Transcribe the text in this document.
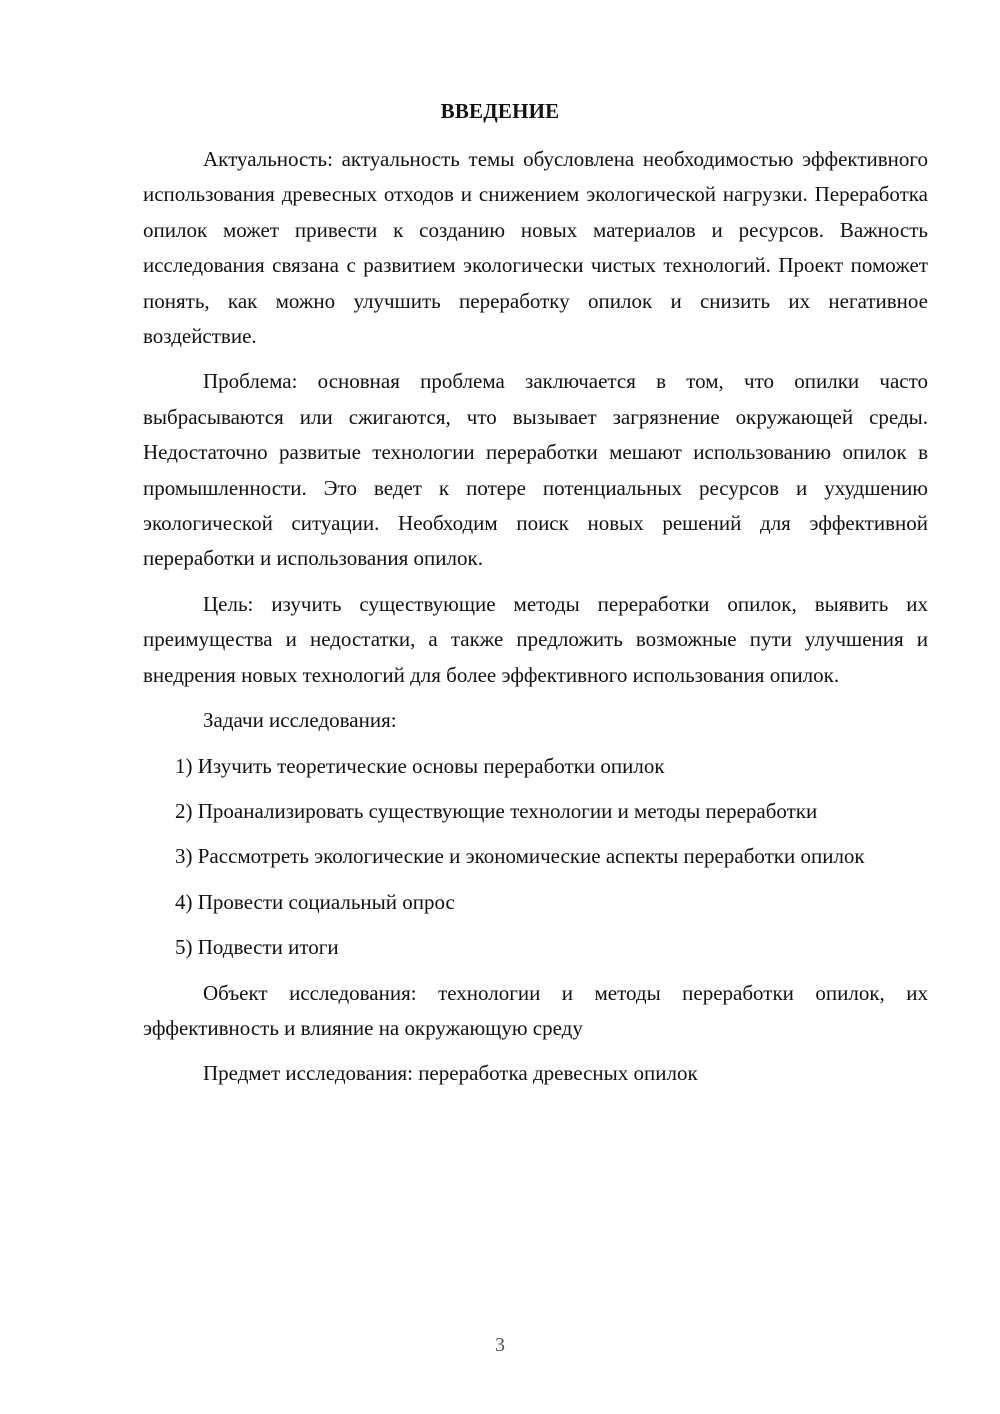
ВВЕДЕНИЕ

Актуальность: актуальность темы обусловлена необходимостью эффективного использования древесных отходов и снижением экологической нагрузки. Переработка опилок может привести к созданию новых материалов и ресурсов. Важность исследования связана с развитием экологически чистых технологий. Проект поможет понять, как можно улучшить переработку опилок и снизить их негативное воздействие.

Проблема: основная проблема заключается в том, что опилки часто выбрасываются или сжигаются, что вызывает загрязнение окружающей среды. Недостаточно развитые технологии переработки мешают использованию опилок в промышленности. Это ведет к потере потенциальных ресурсов и ухудшению экологической ситуации. Необходим поиск новых решений для эффективной переработки и использования опилок.

Цель: изучить существующие методы переработки опилок, выявить их преимущества и недостатки, а также предложить возможные пути улучшения и внедрения новых технологий для более эффективного использования опилок.

Задачи исследования:

1) Изучить теоретические основы переработки опилок

2) Проанализировать существующие технологии и методы переработки

3) Рассмотреть экологические и экономические аспекты переработки опилок

4) Провести социальный опрос

5) Подвести итоги

Объект исследования: технологии и методы переработки опилок, их эффективность и влияние на окружающую среду

Предмет исследования: переработка древесных опилок

3
